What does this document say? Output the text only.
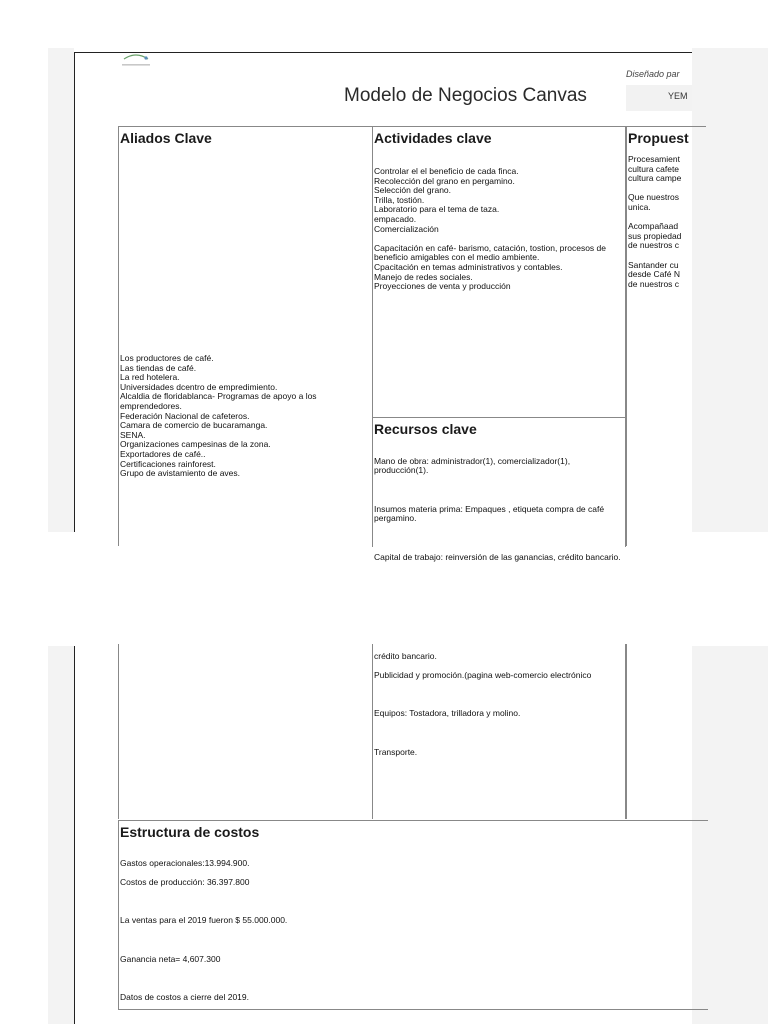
Diseñado par
YEM
Modelo de Negocios Canvas
Aliados Clave
Los productores de café.
Las tiendas de café.
La red hotelera.
Universidades dcentro de empredimiento.
Alcaldia de floridablanca- Programas de apoyo a los emprendedores.
Federación Nacional de cafeteros.
Camara de comercio de bucaramanga.
SENA.
Organizaciones campesinas de la zona.
Exportadores de café..
Certificaciones rainforest.
Grupo de avistamiento de aves.
Actividades clave
Controlar el el beneficio de cada finca.
Recolección del grano en pergamino.
Selección del grano.
Trilla, tostión.
Laboratorio para el tema de taza.
empacado.
Comercialización
Capacitación en café- barismo, catación, tostion, procesos de beneficio amigables con el medio ambiente.
Cpacitación en temas administrativos y contables.
Manejo de redes sociales.
Proyecciones de venta y producción
Propuest
Procesamient
cultura cafete
cultura campe
Que nuestros
unica.
Acompañaad
sus propiedad
de nuestros c
Santander cu
desde Café N
de nuestros c
Recursos clave

Mano de obra: administrador(1), comercializador(1), producción(1).

Insumos materia prima: Empaques , etiqueta compra de café pergamino.

Capital de trabajo: reinversión de las ganancias, crédito bancario.

crédito bancario.

Publicidad y promoción.(pagina web-comercio electrónico

Equipos: Tostadora, trilladora y molino.

Transporte.

Estructura de costos

Gastos operacionales:13.994.900.

Costos de producción: 36.397.800

La ventas para el 2019 fueron $ 55.000.000.

Ganancia neta= 4,607.300

Datos de costos a cierre del 2019.
